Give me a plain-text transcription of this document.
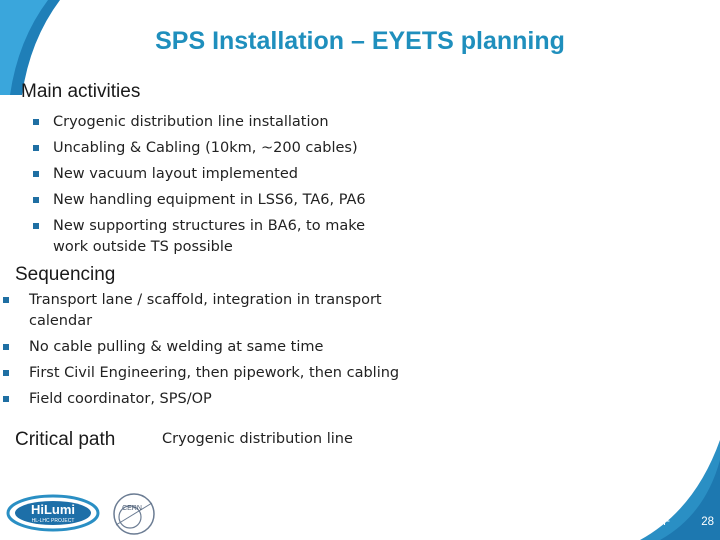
SPS Installation – EYETS planning
Main activities
Cryogenic distribution line installation
Uncabling & Cabling (10km, ~200 cables)
New vacuum layout implemented
New handling equipment in LSS6, TA6, PA6
New supporting structures in BA6, to make work outside TS possible
Sequencing
Transport lane / scaffold, integration in transport calendar
No cable pulling & welding at same time
First Civil Engineering, then pipework, then cabling
Field coordinator, SPS/OP
Critical path	Cryogenic distribution line
HiLumi
HL-LHC PROJECT
CERN
G.Vandoni, BE/RF	28
